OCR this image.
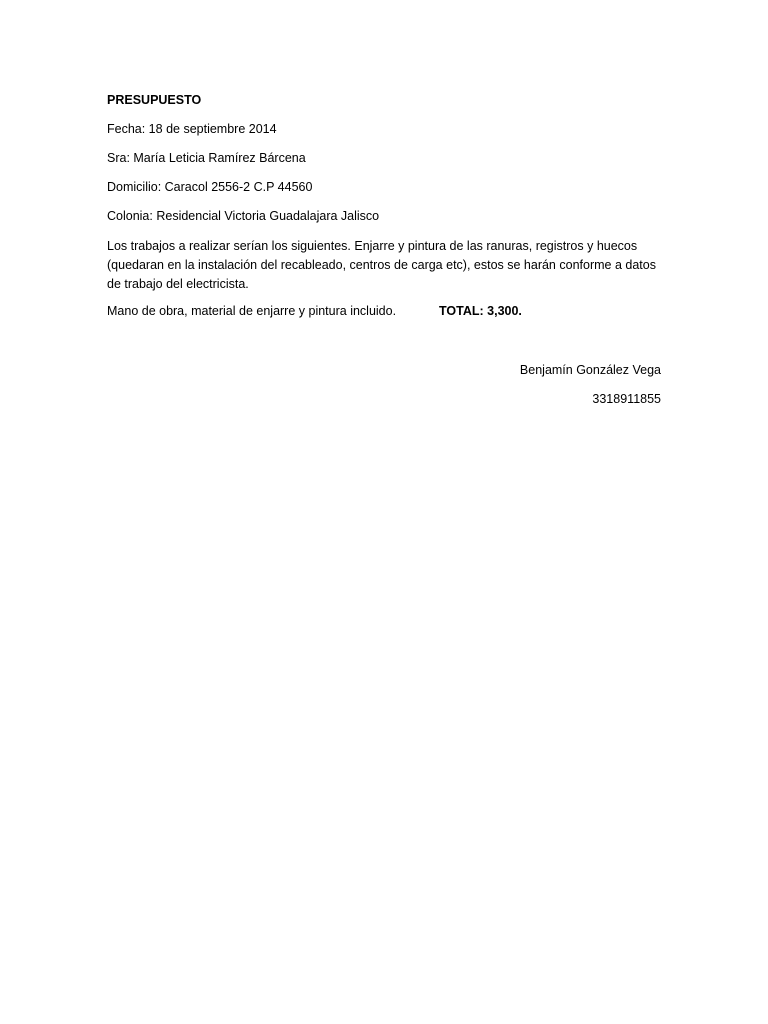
PRESUPUESTO
Fecha: 18 de septiembre 2014
Sra: María Leticia Ramírez Bárcena
Domicilio: Caracol 2556-2 C.P 44560
Colonia: Residencial Victoria Guadalajara Jalisco
Los trabajos a realizar serían los siguientes. Enjarre y pintura de las ranuras, registros y huecos
(quedaran en la instalación del recableado, centros de carga etc), estos se harán conforme a datos
de trabajo del electricista.
Mano de obra, material de enjarre y pintura incluido.	TOTAL: 3,300.
Benjamín González Vega
3318911855
